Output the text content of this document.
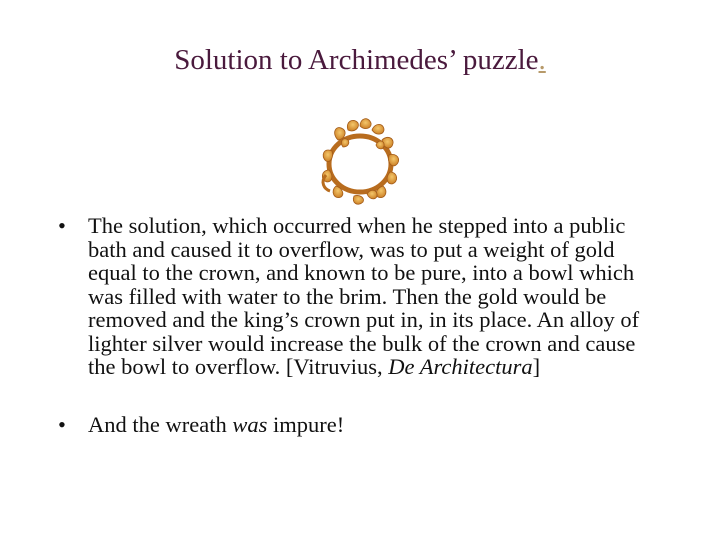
Solution to Archimedes’ puzzle.
• The solution, which occurred when he stepped into a public bath and caused it to overflow, was to put a weight of gold equal to the crown, and known to be pure, into a bowl which was filled with water to the brim. Then the gold would be removed and the king’s crown put in, in its place. An alloy of lighter silver would increase the bulk of the crown and cause the bowl to overflow. [Vitruvius, De Architectura]
• And the wreath was impure!
